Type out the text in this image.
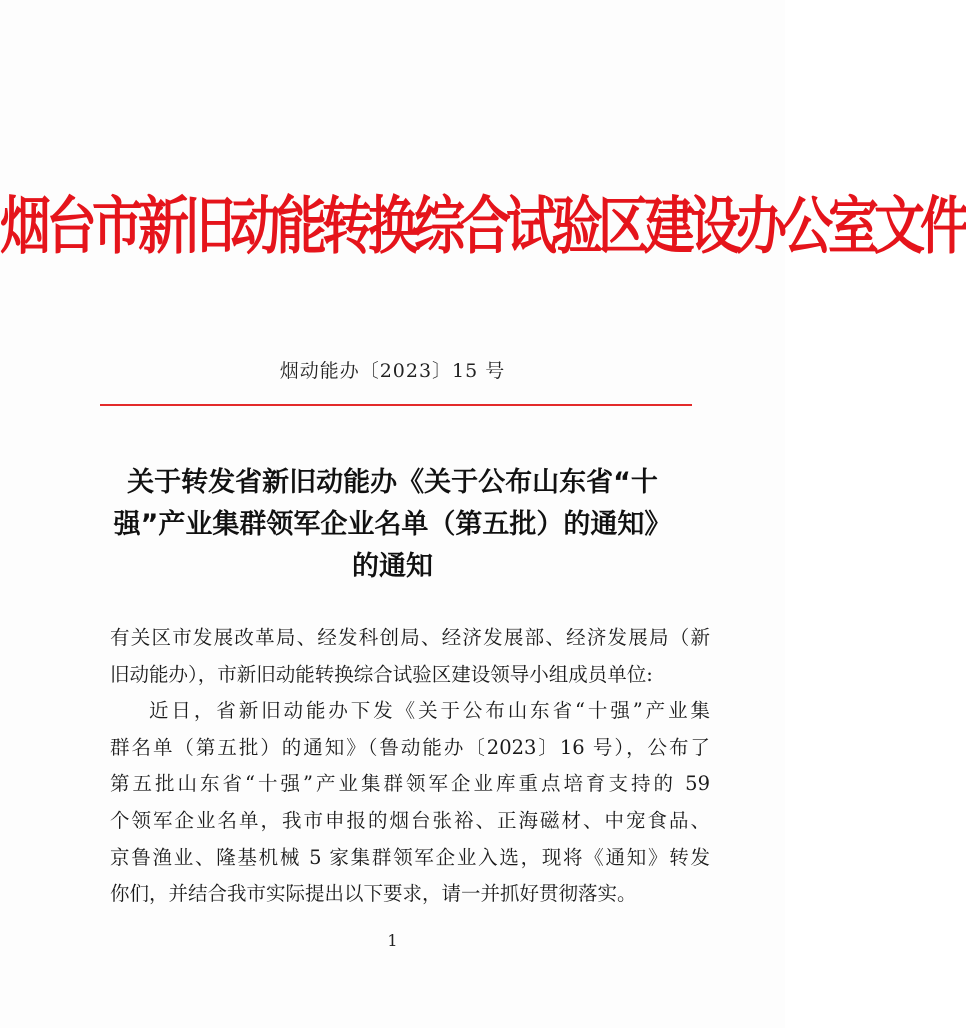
烟台市新旧动能转换综合试验区建设办公室文件
烟动能办〔2023〕15 号
关于转发省新旧动能办《关于公布山东省“十
强”产业集群领军企业名单（第五批）的通知》
的通知
有关区市发展改革局、经发科创局、经济发展部、经济发展局（新
旧动能办），市新旧动能转换综合试验区建设领导小组成员单位:
近日，省新旧动能办下发《关于公布山东省“十强”产业集
群名单（第五批）的通知》（鲁动能办〔2023〕16 号），公布了
第五批山东省“十强”产业集群领军企业库重点培育支持的 59
个领军企业名单，我市申报的烟台张裕、正海磁材、中宠食品、
京鲁渔业、隆基机械 5 家集群领军企业入选，现将《通知》转发
你们，并结合我市实际提出以下要求，请一并抓好贯彻落实。
1
